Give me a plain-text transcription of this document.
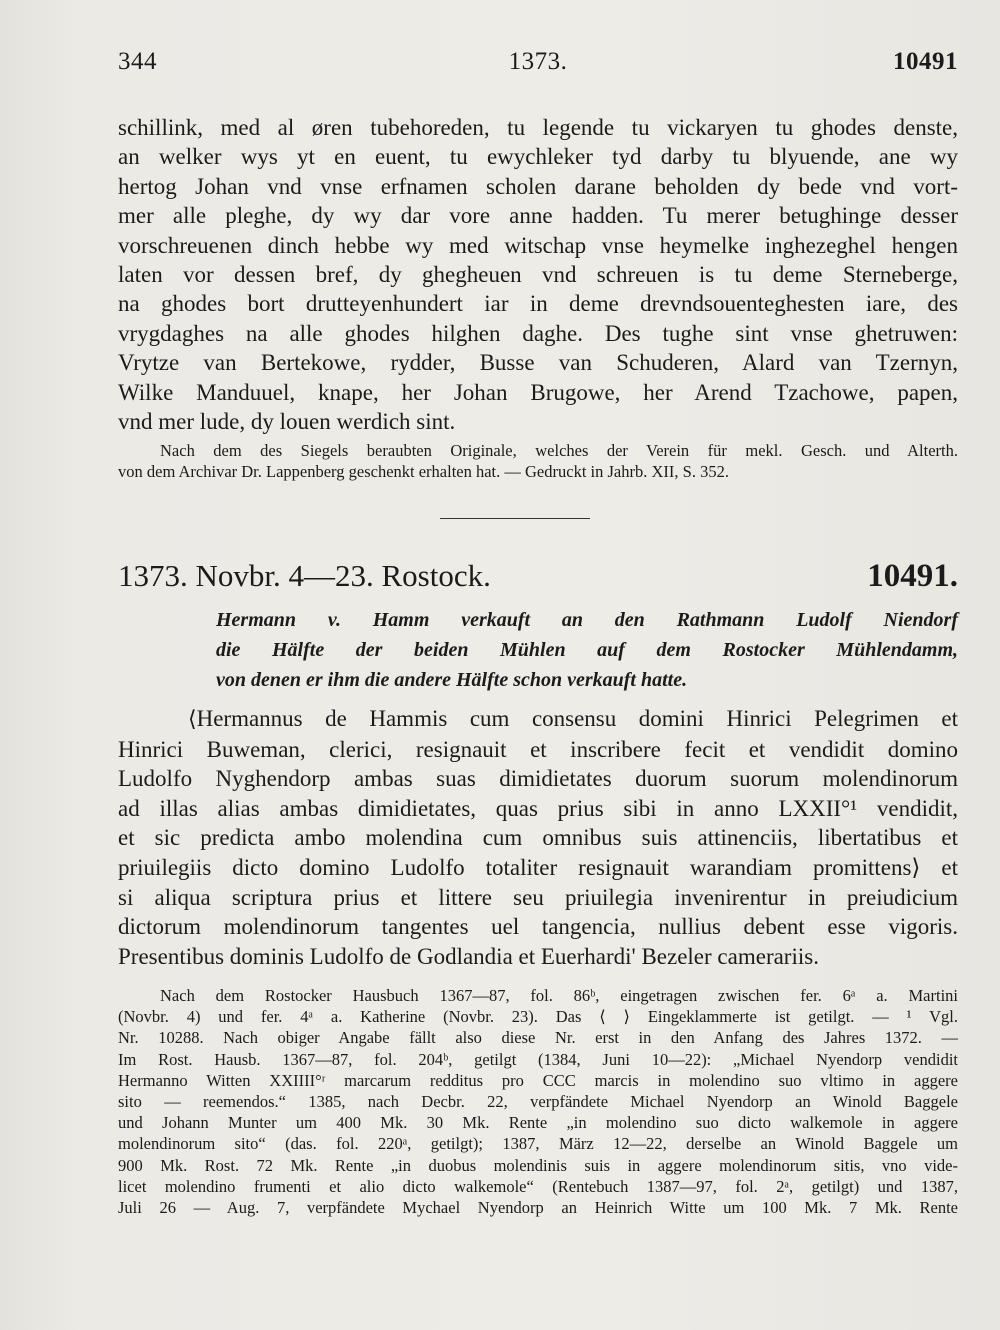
344	1373.	10491
schillink, med al øren tubehoreden, tu legende tu vickaryen tu ghodes denste,
an welker wys yt en euent, tu ewychleker tyd darby tu blyuende, ane wy
hertog Johan vnd vnse erfnamen scholen darane beholden dy bede vnd vort-
mer alle pleghe, dy wy dar vore anne hadden. Tu merer betughinge desser
vorschreuenen dinch hebbe wy med witschap vnse heymelke inghezeghel hengen
laten vor dessen bref, dy ghegheuen vnd schreuen is tu deme Sterneberge,
na ghodes bort drutteyenhundert iar in deme drevndsouenteghesten iare, des
vrygdaghes na alle ghodes hilghen daghe. Des tughe sint vnse ghetruwen:
Vrytze van Bertekowe, rydder, Busse van Schuderen, Alard van Tzernyn,
Wilke Manduuel, knape, her Johan Brugowe, her Arend Tzachowe, papen,
vnd mer lude, dy louen werdich sint.
Nach dem des Siegels beraubten Originale, welches der Verein für mekl. Gesch. und Alterth.
von dem Archivar Dr. Lappenberg geschenkt erhalten hat. — Gedruckt in Jahrb. XII, S. 352.
1373. Novbr. 4—23. Rostock.	10491.
Hermann v. Hamm verkauft an den Rathmann Ludolf Niendorf
die Hälfte der beiden Mühlen auf dem Rostocker Mühlendamm,
von denen er ihm die andere Hälfte schon verkauft hatte.
⟨Hermannus de Hammis cum consensu domini Hinrici Pelegrimen et
Hinrici Buweman, clerici, resignauit et inscribere fecit et vendidit domino
Ludolfo Nyghendorp ambas suas dimidietates duorum suorum molendinorum
ad illas alias ambas dimidietates, quas prius sibi in anno LXXII°¹ vendidit,
et sic predicta ambo molendina cum omnibus suis attinenciis, libertatibus et
priuilegiis dicto domino Ludolfo totaliter resignauit warandiam promittens⟩ et
si aliqua scriptura prius et littere seu priuilegia invenirentur in preiudicium
dictorum molendinorum tangentes uel tangencia, nullius debent esse vigoris.
Presentibus dominis Ludolfo de Godlandia et Euerhardi' Bezeler camerariis.
Nach dem Rostocker Hausbuch 1367—87, fol. 86ᵇ, eingetragen zwischen fer. 6ᵃ a. Martini
(Novbr. 4) und fer. 4ᵃ a. Katherine (Novbr. 23). Das ⟨ ⟩ Eingeklammerte ist getilgt. — ¹ Vgl.
Nr. 10288. Nach obiger Angabe fällt also diese Nr. erst in den Anfang des Jahres 1372. —
Im Rost. Hausb. 1367—87, fol. 204ᵇ, getilgt (1384, Juni 10—22): „Michael Nyendorp vendidit
Hermanno Witten XXIIII°ʳ marcarum redditus pro CCC marcis in molendino suo vltimo in aggere
sito — reemendos.“ 1385, nach Decbr. 22, verpfändete Michael Nyendorp an Winold Baggele
und Johann Munter um 400 Mk. 30 Mk. Rente „in molendino suo dicto walkemole in aggere
molendinorum sito“ (das. fol. 220ᵃ, getilgt); 1387, März 12—22, derselbe an Winold Baggele um
900 Mk. Rost. 72 Mk. Rente „in duobus molendinis suis in aggere molendinorum sitis, vno vide-
licet molendino frumenti et alio dicto walkemole“ (Rentebuch 1387—97, fol. 2ᵃ, getilgt) und 1387,
Juli 26 — Aug. 7, verpfändete Mychael Nyendorp an Heinrich Witte um 100 Mk. 7 Mk. Rente
